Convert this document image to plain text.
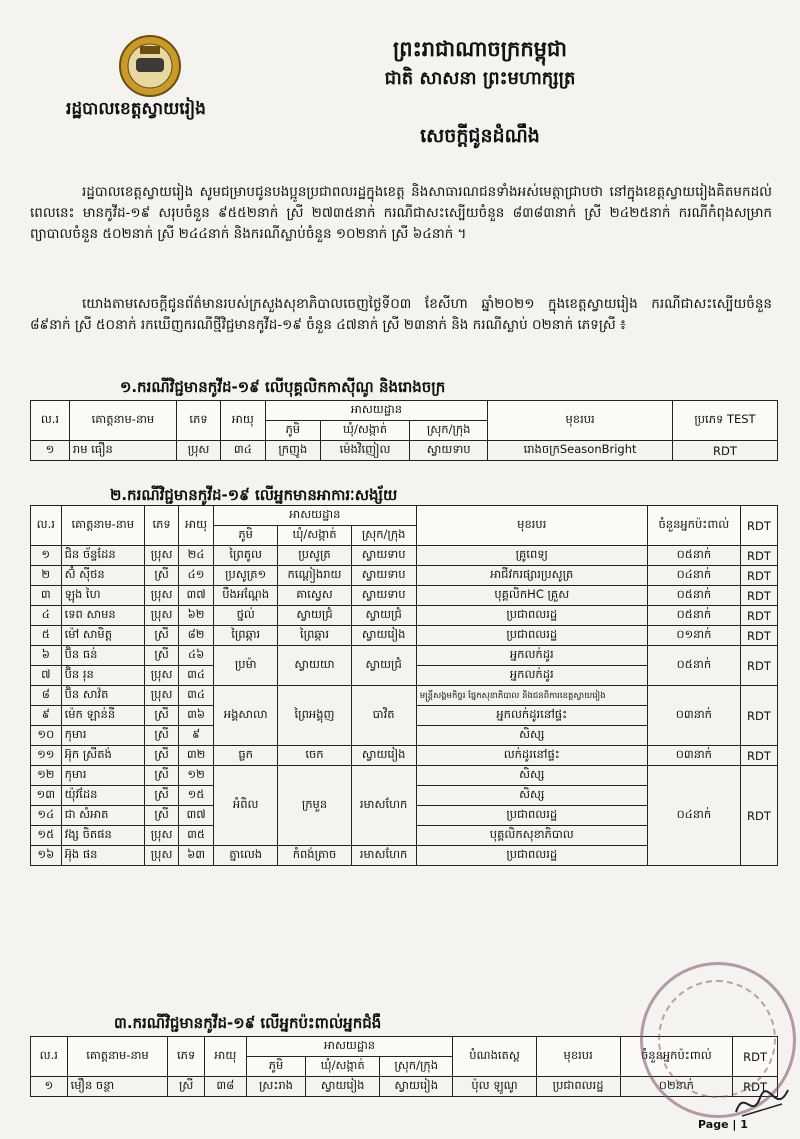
រដ្ឋបាលខេត្តស្វាយរៀង
ព្រះរាជាណាចក្រកម្ពុជា
ជាតិ សាសនា ព្រះមហាក្សត្រ
សេចក្តីជូនដំណឹង
រដ្ឋបាលខេត្តស្វាយរៀង សូមជម្រាបជូនបងប្អូនប្រជាពលរដ្ឋក្នុងខេត្ត និងសាធារណជនទាំងអស់មេត្តាជ្រាបថា នៅក្នុងខេត្តស្វាយរៀងគិតមកដល់ពេលនេះ មានកូវីដ-១៩ សរុបចំនួន ៩៥៥២នាក់ ស្រី ២៧៣៥នាក់ ករណីជាសះស្បើយចំនួន ៨៣៨៣នាក់ ស្រី ២៤២៥នាក់ ករណីកំពុងសម្រាកព្យាបាលចំនួន ៥០២នាក់ ស្រី ២៤៤នាក់ និងករណីស្លាប់ចំនួន ១០២នាក់ ស្រី ៦៤នាក់ ។
យោងតាមសេចក្តីជូនព័ត៌មានរបស់ក្រសួងសុខាភិបាលចេញថ្ងៃទី០៣ ខែសីហា ឆ្នាំ២០២១ ក្នុងខេត្តស្វាយរៀង ករណីជាសះស្បើយចំនួន ៨៩នាក់ ស្រី ៥០នាក់ រកឃើញករណីថ្មីវិជ្ជមានកូវីដ-១៩ ចំនួន ៤៧នាក់ ស្រី ២៣នាក់ និង ករណីស្លាប់ ០២នាក់ ភេទស្រី ៖
១.ករណីវិជ្ជមានកូវីដ-១៩ លើបុគ្គលិកកាស៊ីណូ និងរោងចក្រ
ល.រ	គោត្តនាម-នាម	ភេទ	អាយុ	អាសយដ្ឋាន			មុខរបរ	ប្រភេទ TEST
				ភូមិ	ឃុំ/សង្កាត់	ស្រុក/ក្រុង		
១	រាម ធឿន	ប្រុស	៣៤	ក្រញូង	ម៉េងវិញៀល	ស្វាយទាប	រោងចក្រSeasonBright	RDT
២.ករណីវិជ្ជមានកូវីដ-១៩ លើអ្នកមានអាការៈសង្ស័យ
ល.រ	គោត្តនាម-នាម	ភេទ	អាយុ	អាសយដ្ឋាន			មុខរបរ	ចំនួនអ្នកប៉ះពាល់	RDT
				ភូមិ	ឃុំ/សង្កាត់	ស្រុក/ក្រុង			
១	ជិន ច័ន្ទដែន	ប្រុស	២៤	ព្រៃតូល	ប្រសូត្រ	ស្វាយទាប	គ្រូពេទ្យ	០៥នាក់	RDT
២	ស៊ំ ស៊ីថន	ស្រី	៤១	ប្រសូត្រ១	កណ្តៀងរាយ	ស្វាយទាប	អាជីវករផ្សារប្រសូត្រ	០៤នាក់	RDT
៣	ឡុង ហៃ	ប្រុស	៣៧	បឹងអណ្តែង	គាស្វេស	ស្វាយទាប	បុគ្គលិកHC គ្រួស	០៥នាក់	RDT
៤	ទេព សាមន	ប្រុស	៦២	ថ្នល់	ស្វាយជ្រំ	ស្វាយជ្រំ	ប្រជាពលរដ្ឋ	០៥នាក់	RDT
៥	ម៉ៅ សាមិត្ត	ស្រី	៨២	ព្រៃឆ្ការ	ព្រៃឆ្ការ	ស្វាយរៀង	ប្រជាពលរដ្ឋ	០១នាក់	RDT
៦	ប៊ិន ធន់	ស្រី	៤៦	ប្រម៉ា	ស្វាយយា	ស្វាយជ្រំ	អ្នកលក់ដូរ	០៥នាក់	RDT
៧	ប៊ិន រុន	ប្រុស	៣៤				អ្នកលក់ដូរ		
៨	ប៊ិន សាវ៉ត	ប្រុស	៣៤	អង្គសាលា	ព្រៃអង្គុញ	បាវិត	មន្ត្រីសង្គមកិច្ចរ ផ្នែកសុខាភិបាល និងជនពិការខេត្តស្វាយរៀង	០៣នាក់	RDT
៩	ម៉េក ឡាន់នី	ស្រី	៣៦				អ្នកលក់ដូរនៅផ្ទះ		
១០	កុមារ	ស្រី	៩				សិស្ស		
១១	អ៊ុក ស្រីតង់	ស្រី	៣២	ធ្លក	ចេក	ស្វាយរៀង	លក់ដូរនៅផ្ទះ	០៣នាក់	RDT
១២	កុមារ	ស្រី	១២	អំពិល	ក្រមួន	រមាសហែក	សិស្ស	០៤នាក់	RDT
១៣	យ៉ុវដែន	ស្រី	១៥				សិស្ស		
១៤	ជា សំអាត	ស្រី	៣៧				ប្រជាពលរដ្ឋ		
១៥	វង្ស ចិតផន	ប្រុស	៣៥				បុគ្គលិកសុខាភិបាល		
១៦	អ៊ុង ផន	ប្រុស	៦៣	ត្នាលេង	កំពង់ត្រាច	រមាសហែក	ប្រជាពលរដ្ឋ		
៣.ករណីវិជ្ជមានកូវីដ-១៩ លើអ្នកប៉ះពាល់អ្នកជំងឺ
ល.រ	គោត្តនាម-នាម	ភេទ	អាយុ	អាសយដ្ឋាន			បំណងតេស្ត	មុខរបរ	ចំនួនអ្នកប៉ះពាល់	RDT
				ភូមិ	ឃុំ/សង្កាត់	ស្រុក/ក្រុង				
១	មឿន ចន្ថា	ស្រី	៣៨	ស្រះរាង	ស្វាយរៀង	ស្វាយរៀង	ប៉ុល ឡូណូ	ប្រជាពលរដ្ឋ	០២នាក់	RDT
Page | 1
